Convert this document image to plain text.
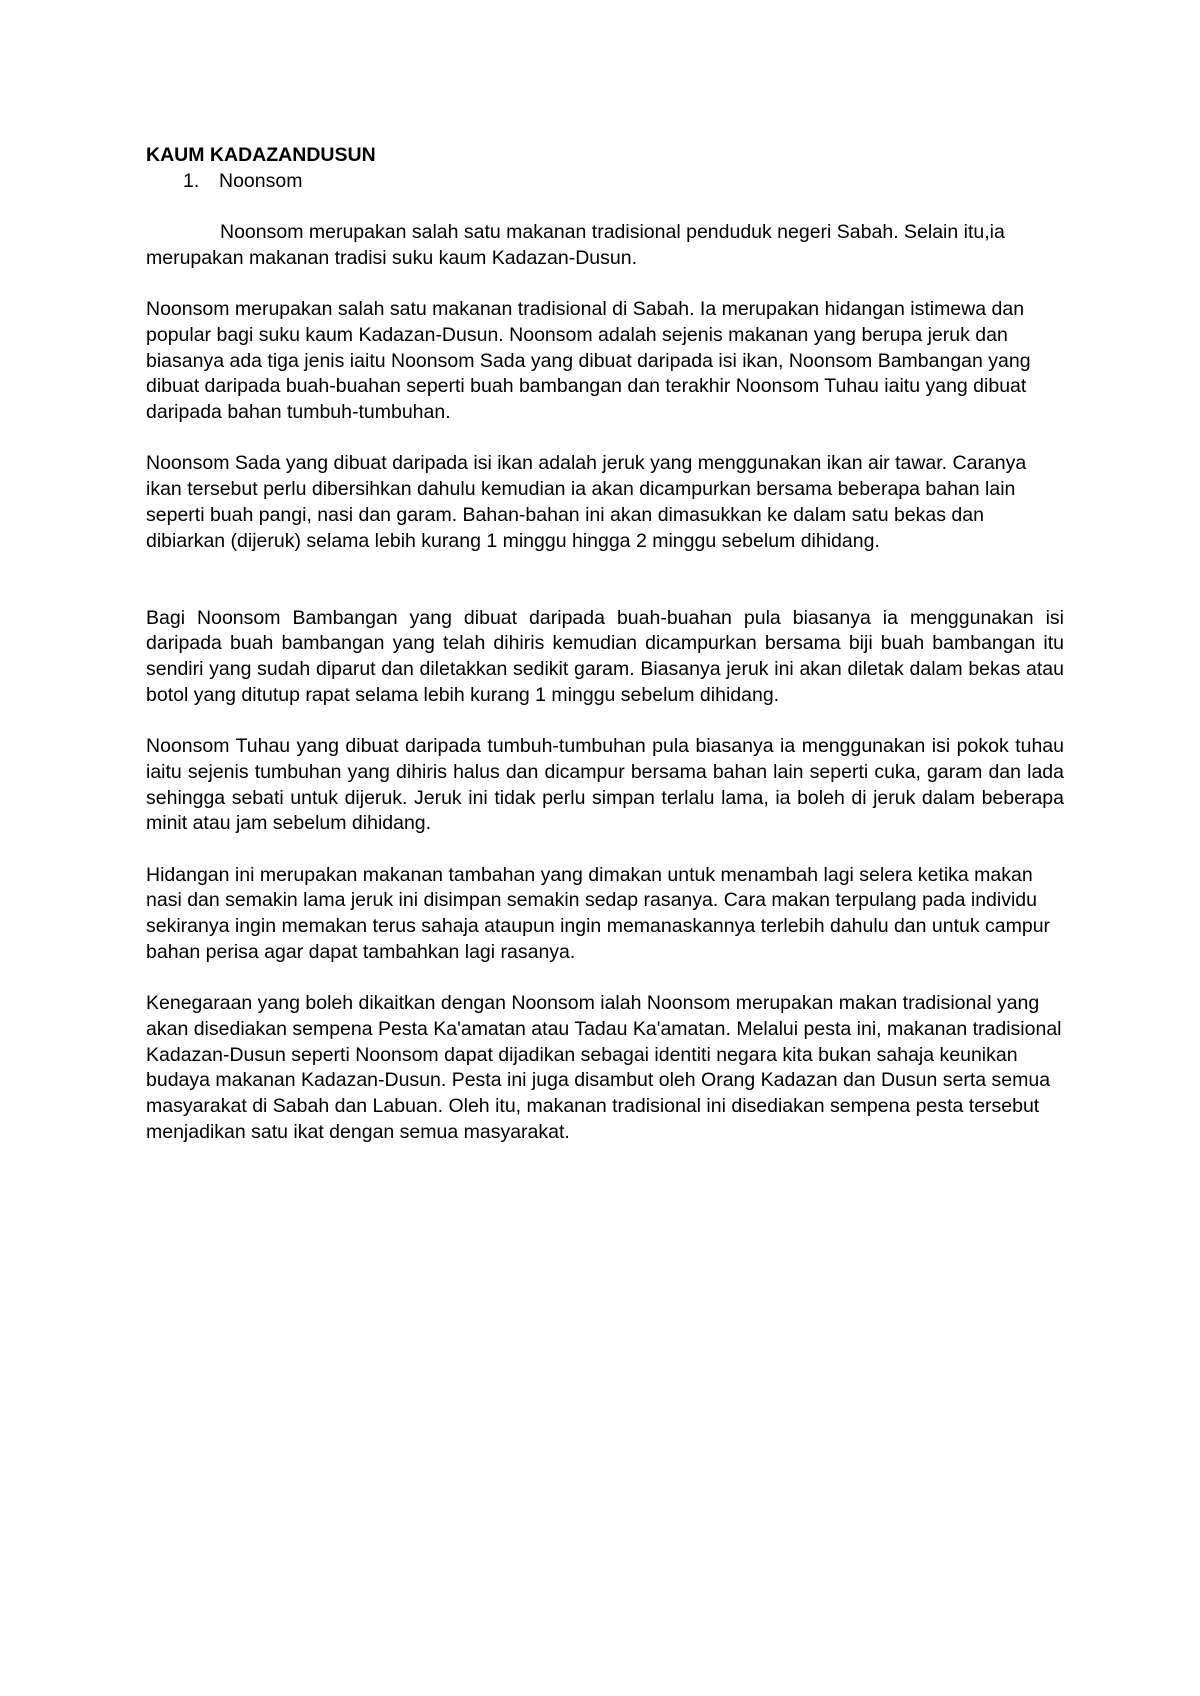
KAUM KADAZANDUSUN
1. Noonsom

Noonsom merupakan salah satu makanan tradisional penduduk negeri Sabah. Selain itu,ia merupakan makanan tradisi suku kaum Kadazan-Dusun.

Noonsom merupakan salah satu makanan tradisional di Sabah. Ia merupakan hidangan istimewa dan popular bagi suku kaum Kadazan-Dusun. Noonsom adalah sejenis makanan yang berupa jeruk dan biasanya ada tiga jenis iaitu Noonsom Sada yang dibuat daripada isi ikan, Noonsom Bambangan yang dibuat daripada buah-buahan seperti buah bambangan dan terakhir Noonsom Tuhau iaitu yang dibuat daripada bahan tumbuh-tumbuhan.

Noonsom Sada yang dibuat daripada isi ikan adalah jeruk yang menggunakan ikan air tawar. Caranya ikan tersebut perlu dibersihkan dahulu kemudian ia akan dicampurkan bersama beberapa bahan lain seperti buah pangi, nasi dan garam. Bahan-bahan ini akan dimasukkan ke dalam satu bekas dan dibiarkan (dijeruk) selama lebih kurang 1 minggu hingga 2 minggu sebelum dihidang.

Bagi Noonsom Bambangan yang dibuat daripada buah-buahan pula biasanya ia menggunakan isi daripada buah bambangan yang telah dihiris kemudian dicampurkan bersama biji buah bambangan itu sendiri yang sudah diparut dan diletakkan sedikit garam. Biasanya jeruk ini akan diletak dalam bekas atau botol yang ditutup rapat selama lebih kurang 1 minggu sebelum dihidang.

Noonsom Tuhau yang dibuat daripada tumbuh-tumbuhan pula biasanya ia menggunakan isi pokok tuhau iaitu sejenis tumbuhan yang dihiris halus dan dicampur bersama bahan lain seperti cuka, garam dan lada sehingga sebati untuk dijeruk. Jeruk ini tidak perlu simpan terlalu lama, ia boleh di jeruk dalam beberapa minit atau jam sebelum dihidang.

Hidangan ini merupakan makanan tambahan yang dimakan untuk menambah lagi selera ketika makan nasi dan semakin lama jeruk ini disimpan semakin sedap rasanya. Cara makan terpulang pada individu sekiranya ingin memakan terus sahaja ataupun ingin memanaskannya terlebih dahulu dan untuk campur bahan perisa agar dapat tambahkan lagi rasanya.

Kenegaraan yang boleh dikaitkan dengan Noonsom ialah Noonsom merupakan makan tradisional yang akan disediakan sempena Pesta Ka'amatan atau Tadau Ka'amatan. Melalui pesta ini, makanan tradisional Kadazan-Dusun seperti Noonsom dapat dijadikan sebagai identiti negara kita bukan sahaja keunikan budaya makanan Kadazan-Dusun. Pesta ini juga disambut oleh Orang Kadazan dan Dusun serta semua masyarakat di Sabah dan Labuan. Oleh itu, makanan tradisional ini disediakan sempena pesta tersebut menjadikan satu ikat dengan semua masyarakat.
